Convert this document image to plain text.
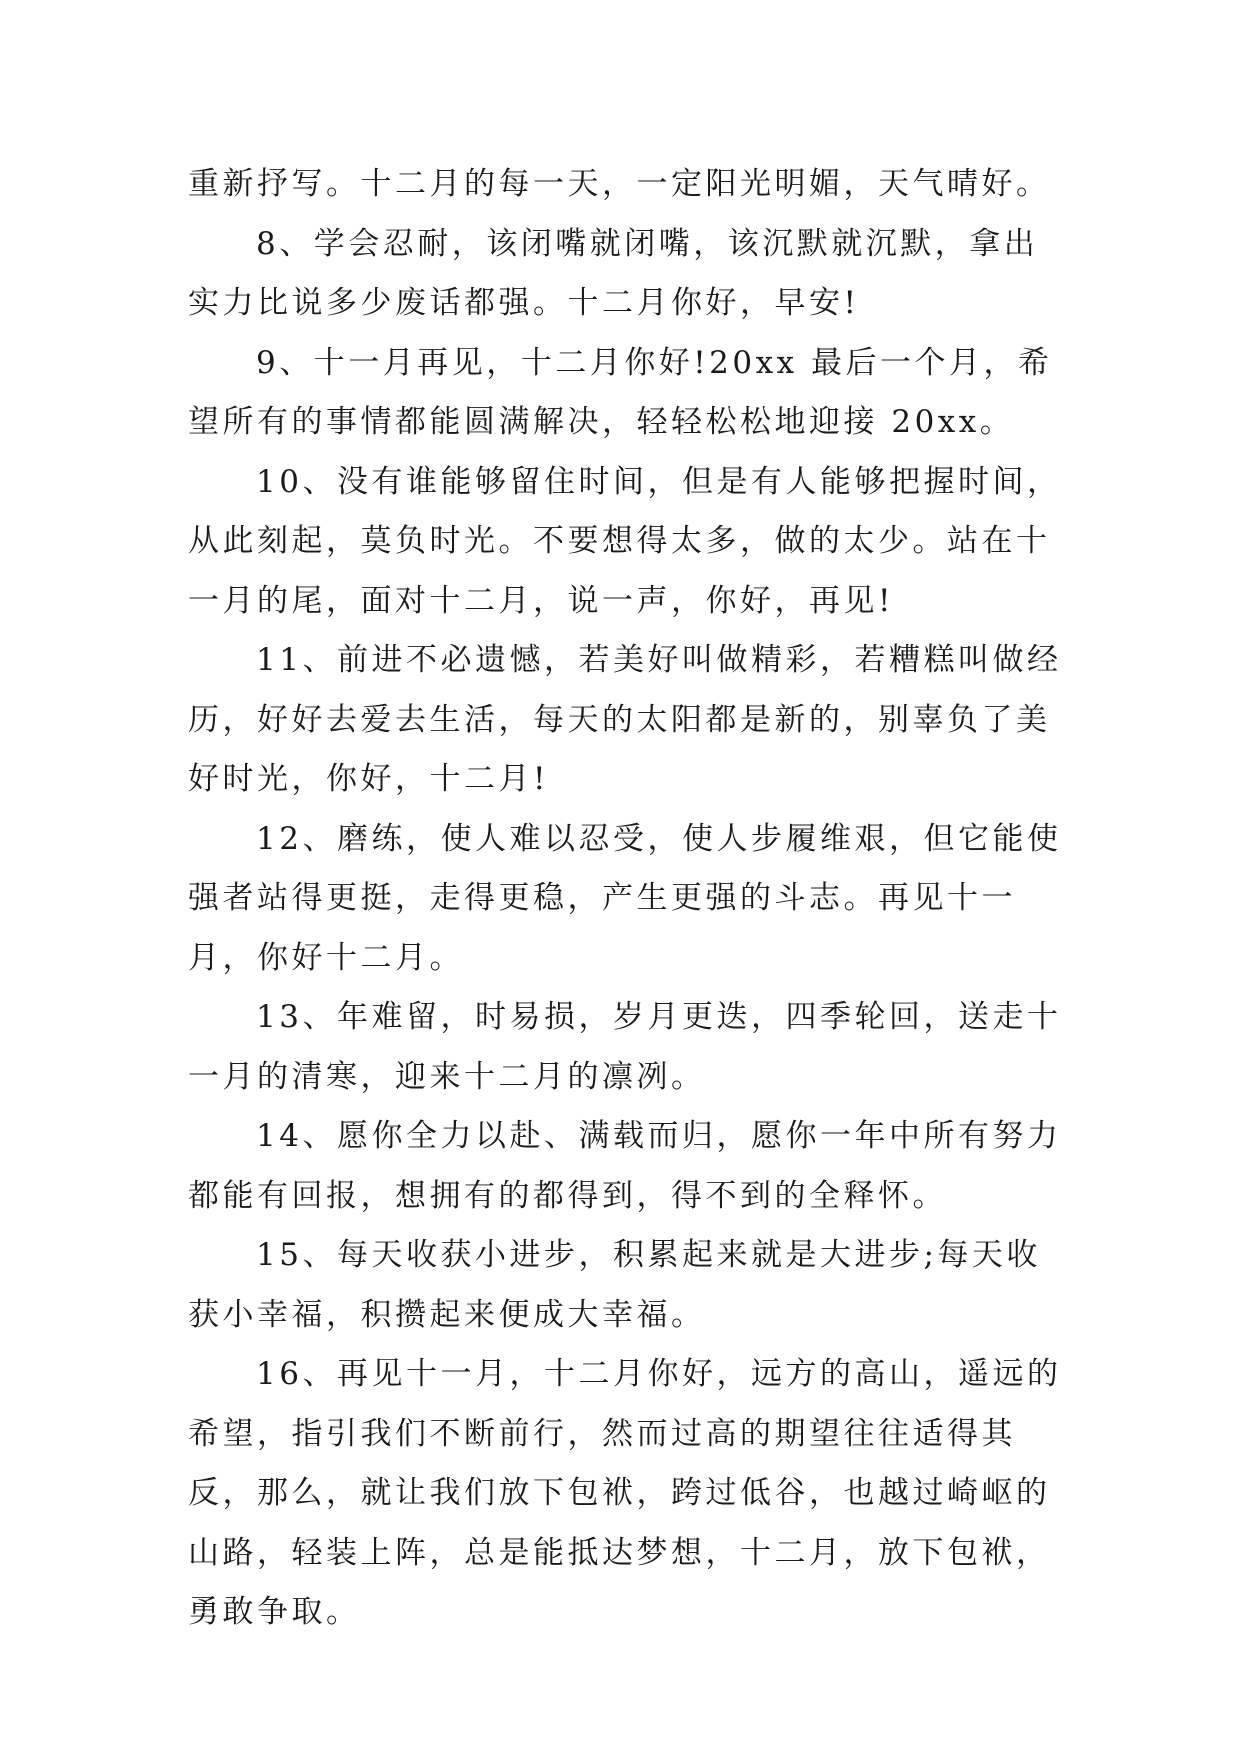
重新抒写。十二月的每一天，一定阳光明媚，天气晴好。

8、学会忍耐，该闭嘴就闭嘴，该沉默就沉默，拿出实力比说多少废话都强。十二月你好，早安!

9、十一月再见，十二月你好!20xx 最后一个月，希望所有的事情都能圆满解决，轻轻松松地迎接 20xx。

10、没有谁能够留住时间，但是有人能够把握时间，从此刻起，莫负时光。不要想得太多，做的太少。站在十一月的尾，面对十二月，说一声，你好，再见!

11、前进不必遗憾，若美好叫做精彩，若糟糕叫做经历，好好去爱去生活，每天的太阳都是新的，别辜负了美好时光，你好，十二月!

12、磨练，使人难以忍受，使人步履维艰，但它能使强者站得更挺，走得更稳，产生更强的斗志。再见十一月，你好十二月。

13、年难留，时易损，岁月更迭，四季轮回，送走十一月的清寒，迎来十二月的凛冽。

14、愿你全力以赴、满载而归，愿你一年中所有努力都能有回报，想拥有的都得到，得不到的全释怀。

15、每天收获小进步，积累起来就是大进步;每天收获小幸福，积攒起来便成大幸福。

16、再见十一月，十二月你好，远方的高山，遥远的希望，指引我们不断前行，然而过高的期望往往适得其反，那么，就让我们放下包袱，跨过低谷，也越过崎岖的山路，轻装上阵，总是能抵达梦想，十二月，放下包袱，勇敢争取。
